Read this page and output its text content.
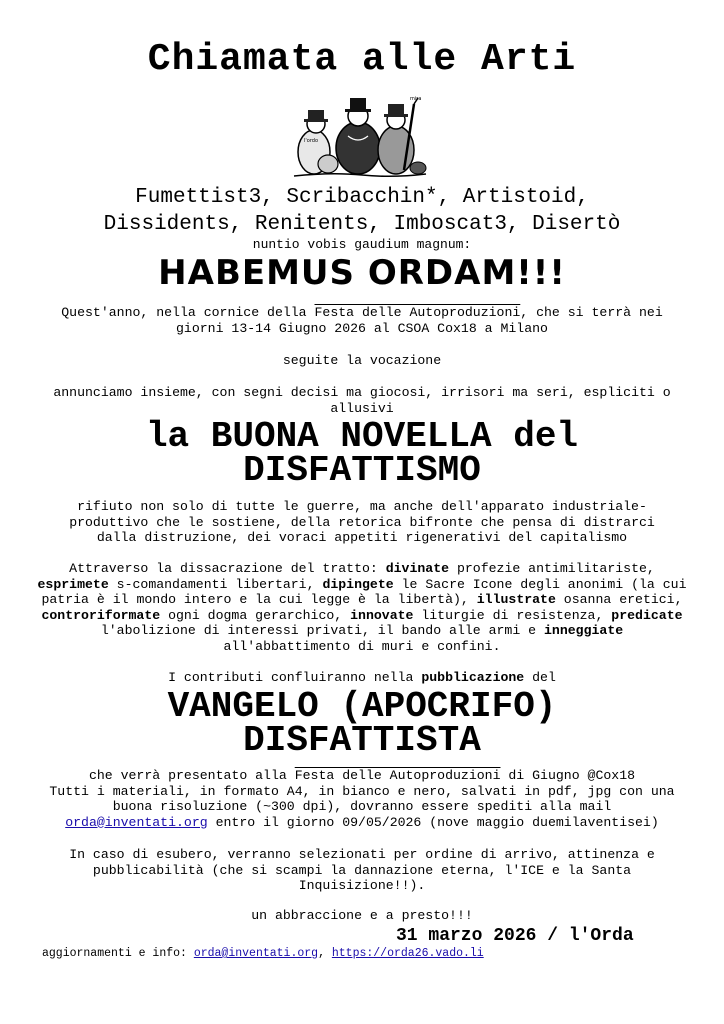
Chiamata alle Arti
l'ordo
mira
Fumettist3, Scribacchin*, Artistoid,
Dissidents, Renitents, Imboscat3, Disertò
nuntio vobis gaudium magnum:
HABEMUS ORDAM!!!
Quest'anno, nella cornice della Festa delle Autoproduzioni, che si terrà nei giorni 13-14 Giugno 2026 al CSOA Cox18 a Milano
seguite la vocazione
annunciamo insieme, con segni decisi ma giocosi, irrisori ma seri, espliciti o allusivi
la BUONA NOVELLA del
DISFATTISMO
rifiuto non solo di tutte le guerre, ma anche dell'apparato industriale-produttivo che le sostiene, della retorica bifronte che pensa di distrarci dalla distruzione, dei voraci appetiti rigenerativi del capitalismo
Attraverso la dissacrazione del tratto: divinate profezie antimilitariste, esprimete s-comandamenti libertari, dipingete le Sacre Icone degli anonimi (la cui patria è il mondo intero e la cui legge è la libertà), illustrate osanna eretici, controriformate ogni dogma gerarchico, innovate liturgie di resistenza, predicate l'abolizione di interessi privati, il bando alle armi e inneggiate all'abbattimento di muri e confini.
I contributi confluiranno nella pubblicazione del
VANGELO (APOCRIFO)
DISFATTISTA
che verrà presentato alla Festa delle Autoproduzioni di Giugno @Cox18
Tutti i materiali, in formato A4, in bianco e nero, salvati in pdf, jpg con una buona risoluzione (~300 dpi), dovranno essere spediti alla mail orda@inventati.org entro il giorno 09/05/2026 (nove maggio duemilaventisei)
In caso di esubero, verranno selezionati per ordine di arrivo, attinenza e pubblicabilità (che si scampi la dannazione eterna, l'ICE e la Santa Inquisizione!!).
un abbraccione e a presto!!!
31 marzo 2026 / l'Orda
aggiornamenti e info: orda@inventati.org, https://orda26.vado.li
